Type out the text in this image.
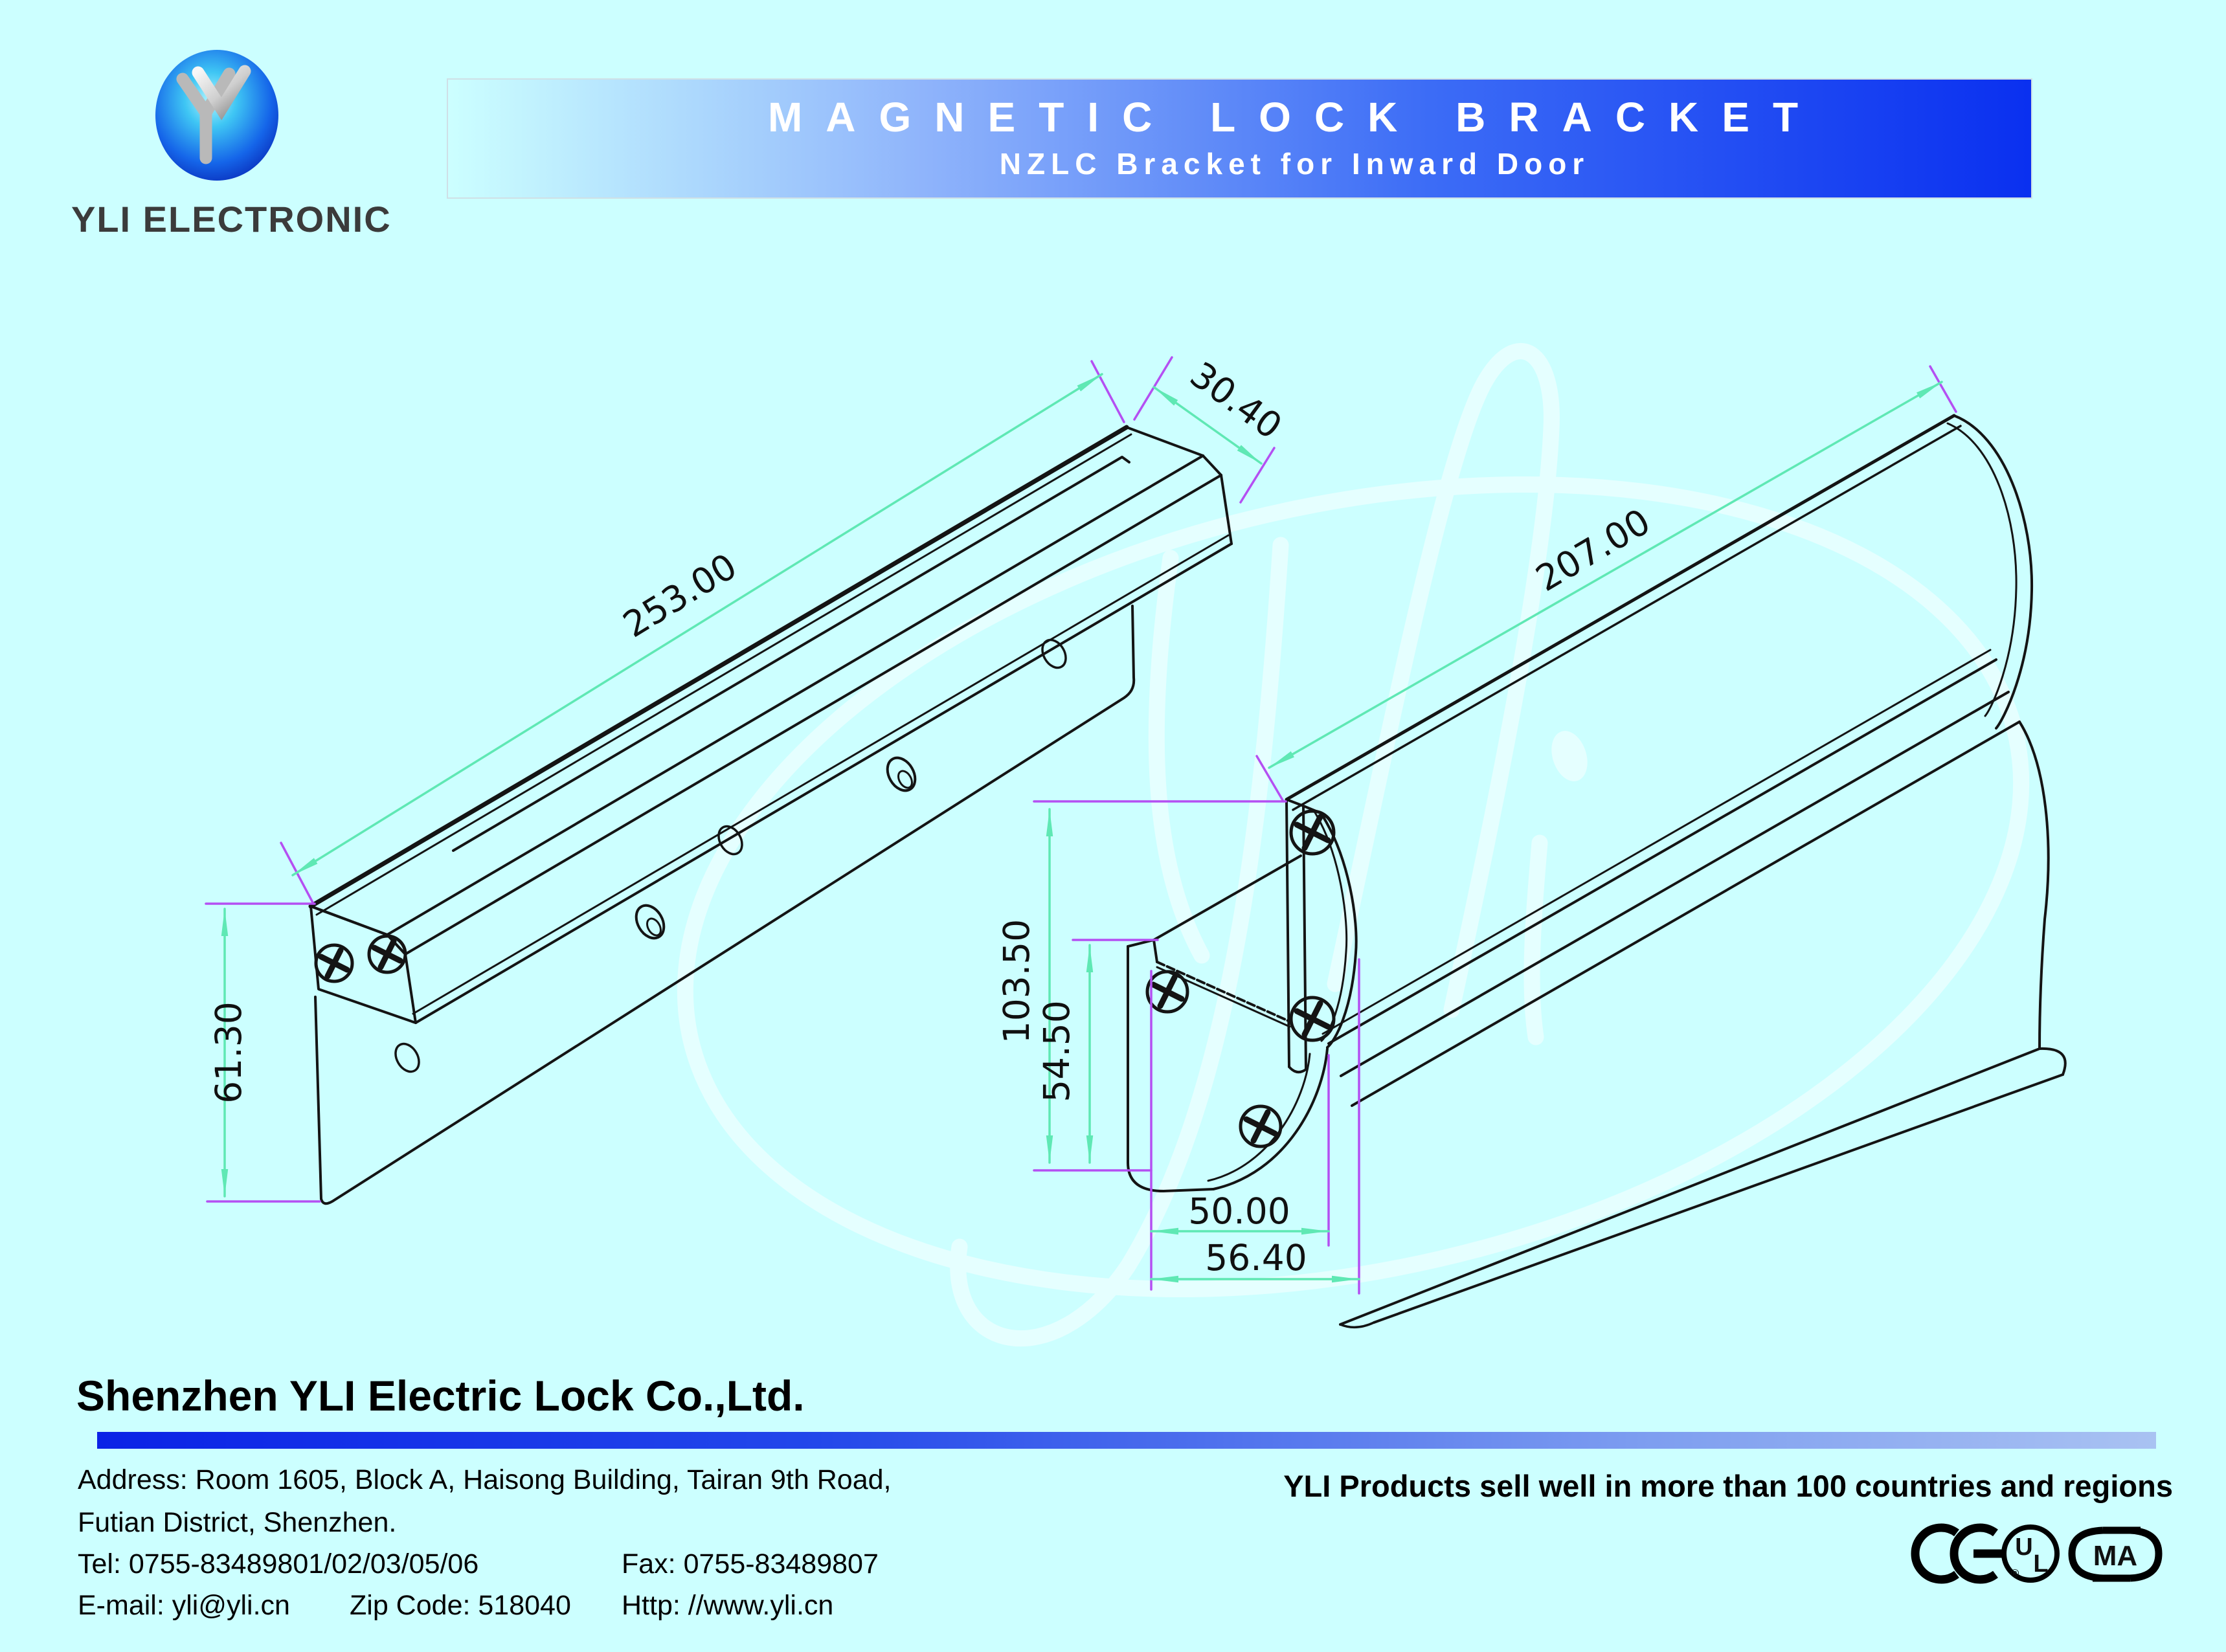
253.00
30.40
61.30
207.00
103.50
54.50
50.00
56.40
U
L
®
MA
YLI ELECTRONIC
MAGNETIC LOCK BRACKET
NZLC Bracket for Inward Door
Shenzhen YLI Electric Lock Co.,Ltd.
Address: Room 1605, Block A, Haisong Building, Tairan 9th Road,
Futian District, Shenzhen.
Tel: 0755-83489801/02/03/05/06	Fax: 0755-83489807
E-mail: yli@yli.cn Zip Code: 518040 Http: //www.yli.cn
YLI Products sell well in more than 100 countries and regions
